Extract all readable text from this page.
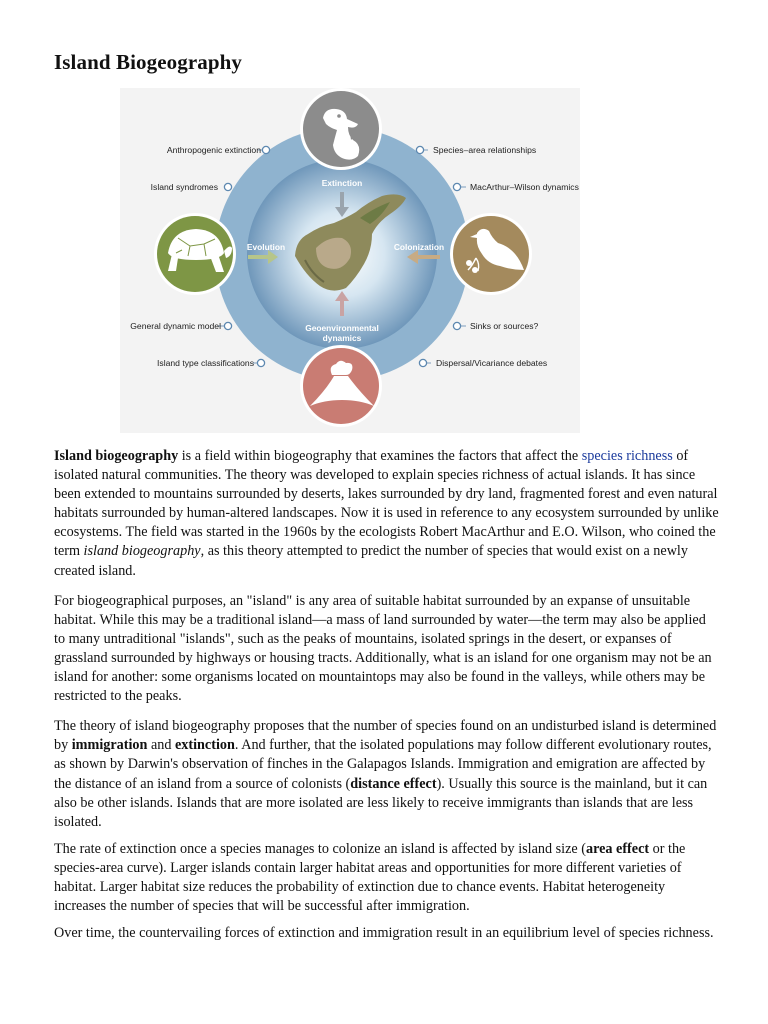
Island Biogeography
Anthropogenic extinction
Island syndromes
General dynamic model
Island type classifications
Species–area relationships
MacArthur–Wilson dynamics
Sinks or sources?
Dispersal/Vicariance debates
Extinction
Evolution	Colonization
Geoenvironmental
dynamics

Island biogeography is a field within biogeography that examines the factors that affect the species richness of isolated natural communities. The theory was developed to explain species richness of actual islands. It has since been extended to mountains surrounded by deserts, lakes surrounded by dry land, fragmented forest and even natural habitats surrounded by human-altered landscapes. Now it is used in reference to any ecosystem surrounded by unlike ecosystems. The field was started in the 1960s by the ecologists Robert MacArthur and E.O. Wilson, who coined the term island biogeography, as this theory attempted to predict the number of species that would exist on a newly created island.

For biogeographical purposes, an "island" is any area of suitable habitat surrounded by an expanse of unsuitable habitat. While this may be a traditional island—a mass of land surrounded by water—the term may also be applied to many untraditional "islands", such as the peaks of mountains, isolated springs in the desert, or expanses of grassland surrounded by highways or housing tracts. Additionally, what is an island for one organism may not be an island for another: some organisms located on mountaintops may also be found in the valleys, while others may be restricted to the peaks.

The theory of island biogeography proposes that the number of species found on an undisturbed island is determined by immigration and extinction. And further, that the isolated populations may follow different evolutionary routes, as shown by Darwin's observation of finches in the Galapagos Islands. Immigration and emigration are affected by the distance of an island from a source of colonists (distance effect). Usually this source is the mainland, but it can also be other islands. Islands that are more isolated are less likely to receive immigrants than islands that are less isolated.

The rate of extinction once a species manages to colonize an island is affected by island size (area effect or the species-area curve). Larger islands contain larger habitat areas and opportunities for more different varieties of habitat. Larger habitat size reduces the probability of extinction due to chance events. Habitat heterogeneity increases the number of species that will be successful after immigration.

Over time, the countervailing forces of extinction and immigration result in an equilibrium level of species richness.
